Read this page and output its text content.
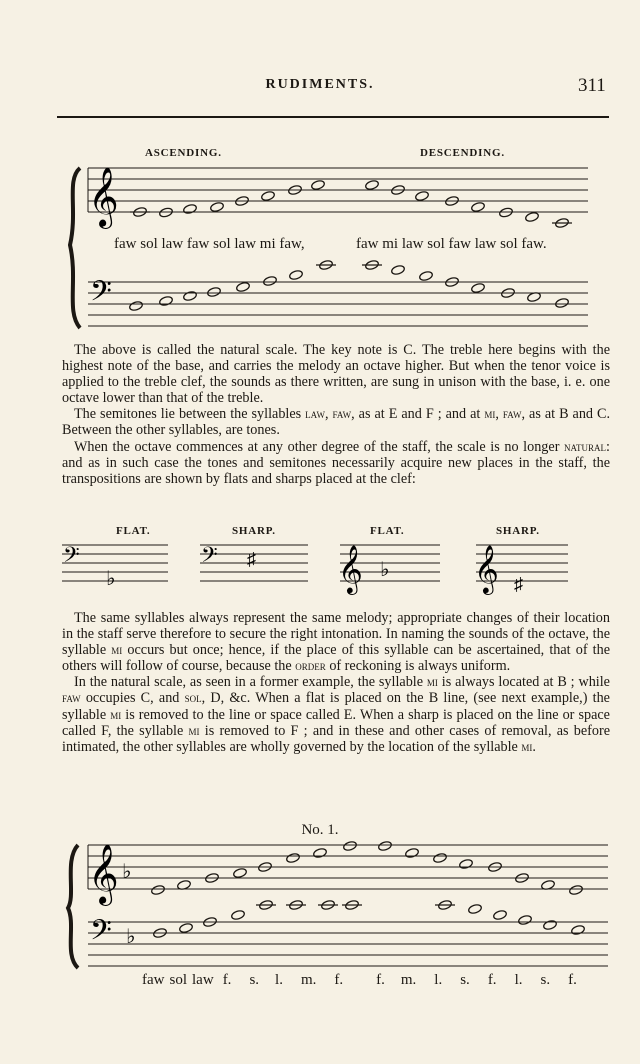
RUDIMENTS.	311
ASCENDING.	DESCENDING.
𝄞
𝄢
faw sol law faw sol law mi faw,	faw mi law sol faw law sol faw.

The above is called the natural scale. The key note is C. The treble here begins with the highest note of the base, and carries the melody an octave higher. But when the tenor voice is applied to the treble clef, the sounds as there written, are sung in unison with the base, i. e. one octave lower than that of the treble.

The semitones lie between the syllables law, faw, as at E and F ; and at mi, faw, as at B and C. Between the other syllables, are tones.

When the octave commences at any other degree of the staff, the scale is no longer natural: and as in such case the tones and semitones necessarily acquire new places in the staff, the transpositions are shown by flats and sharps placed at the clef:

FLAT.	SHARP.	FLAT.	SHARP.
𝄢
♭
𝄢 ♯ 𝄞 ♭ 𝄞 ♯

The same syllables always represent the same melody; appropriate changes of their location in the staff serve therefore to secure the right intonation. In naming the sounds of the octave, the syllable mi occurs but once; hence, if the place of this syllable can be ascertained, that of the others will follow of course, because the order of reckoning is always uniform.

In the natural scale, as seen in a former example, the syllable mi is always located at B ; while faw occupies C, and sol, D, &c. When a flat is placed on the B line, (see next example,) the syllable mi is removed to the line or space called E. When a sharp is placed on the line or space called F, the syllable mi is removed to F ; and in these and other cases of removal, as before intimated, the other syllables are wholly governed by the location of the syllable mi.

No. 1.
𝄞 ♭
𝄢 ♭
faw sol law f. s. l. m. f. f. m. l. s. f. l. s. f.
